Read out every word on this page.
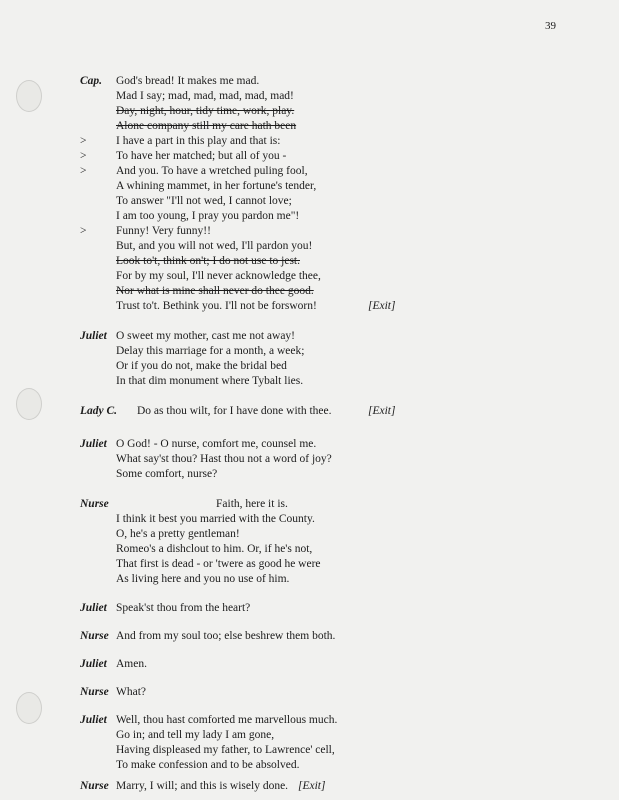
39
Cap. God's bread! It makes me mad.
Mad I say; mad, mad, mad, mad, mad!
Day, night, hour, tidy time, work, play.
Alone company still my care hath been
>	I have a part in this play and that is:
>	To have her matched; but all of you -
>	And you. To have a wretched puling fool,
A whining mammet, in her fortune's tender,
To answer "I'll not wed, I cannot love;
I am too young, I pray you pardon me"!
>	Funny! Very funny!!
But, and you will not wed, I'll pardon you!
Look to't, think on't; I do not use to jest.
For by my soul, I'll never acknowledge thee,
Nor what is mine shall never do thee good.
Trust to't. Bethink you. I'll not be forsworn!	[Exit]
Juliet O sweet my mother, cast me not away!
Delay this marriage for a month, a week;
Or if you do not, make the bridal bed
In that dim monument where Tybalt lies.
Lady C. Do as thou wilt, for I have done with thee.	[Exit]
Juliet O God! - O nurse, comfort me, counsel me.
What say'st thou? Hast thou not a word of joy?
Some comfort, nurse?
Nurse	Faith, here it is.
I think it best you married with the County.
O, he's a pretty gentleman!
Romeo's a dishclout to him. Or, if he's not,
That first is dead - or 'twere as good he were
As living here and you no use of him.
Juliet Speak'st thou from the heart?
Nurse And from my soul too; else beshrew them both.
Juliet Amen.
Nurse What?
Juliet Well, thou hast comforted me marvellous much.
Go in; and tell my lady I am gone,
Having displeased my father, to Lawrence' cell,
To make confession and to be absolved.
Nurse Marry, I will; and this is wisely done. [Exit]
